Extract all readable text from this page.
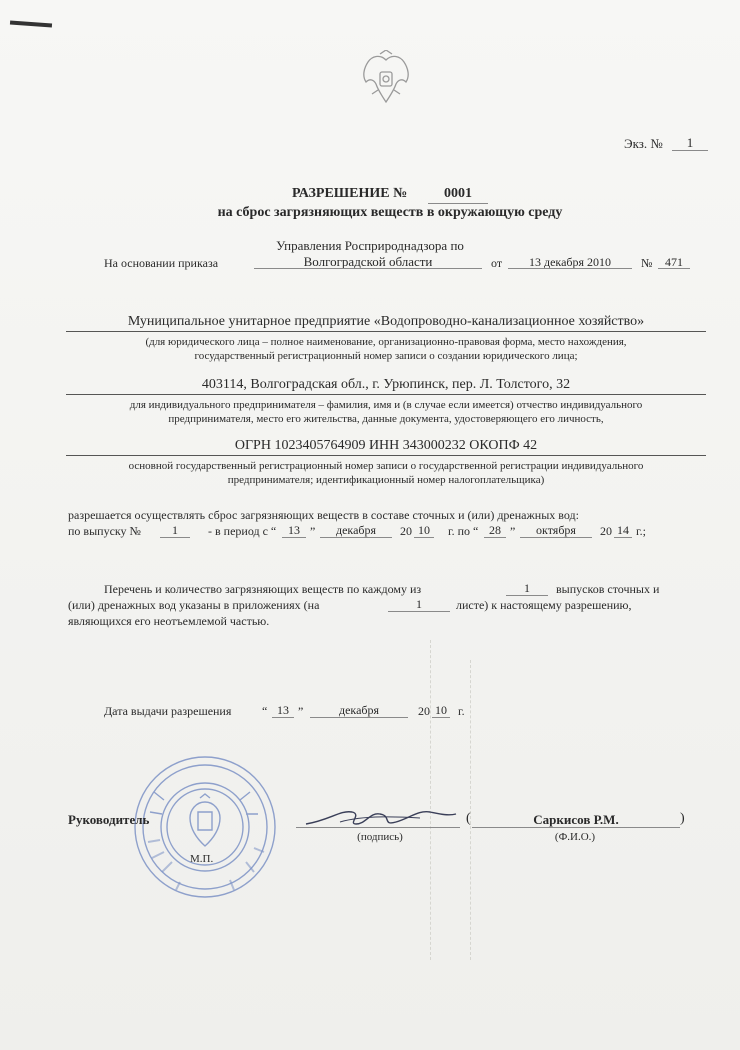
Экз. №	1
РАЗРЕШЕНИЕ №	0001
на сброс загрязняющих веществ в окружающую среду
Управления Росприроднадзора по
На основании приказа	Волгоградской области	от	13 декабря 2010	№	471
Муниципальное унитарное предприятие «Водопроводно-канализационное хозяйство»
(для юридического лица – полное наименование, организационно-правовая форма, место нахождения,
государственный регистрационный номер записи о создании юридического лица;
403114, Волгоградская обл., г. Урюпинск, пер. Л. Толстого, 32
для индивидуального предпринимателя – фамилия, имя и (в случае если имеется) отчество индивидуального
предпринимателя, место его жительства, данные документа, удостоверяющего его личность,
ОГРН 1023405764909 ИНН 343000232 ОКОПФ 42
основной государственный регистрационный номер записи о государственной регистрации индивидуального
предпринимателя; идентификационный номер налогоплательщика)
разрешается осуществлять сброс загрязняющих веществ в составе сточных и (или) дренажных вод:
по выпуску №	1	- в период с “ 13 ”	декабря	20 10	г. по “ 28 ”	октября	20 14 г.;
Перечень и количество загрязняющих веществ по каждому из	1	выпусков сточных и
(или) дренажных вод указаны в приложениях (на	1	листе) к настоящему разрешению,
являющихся его неотъемлемой частью.
Дата выдачи разрешения	“ 13 ”	декабря	20 10 г.
Руководитель
(подпись)
(	Саркисов Р.М.	)
(Ф.И.О.)
М.П.
